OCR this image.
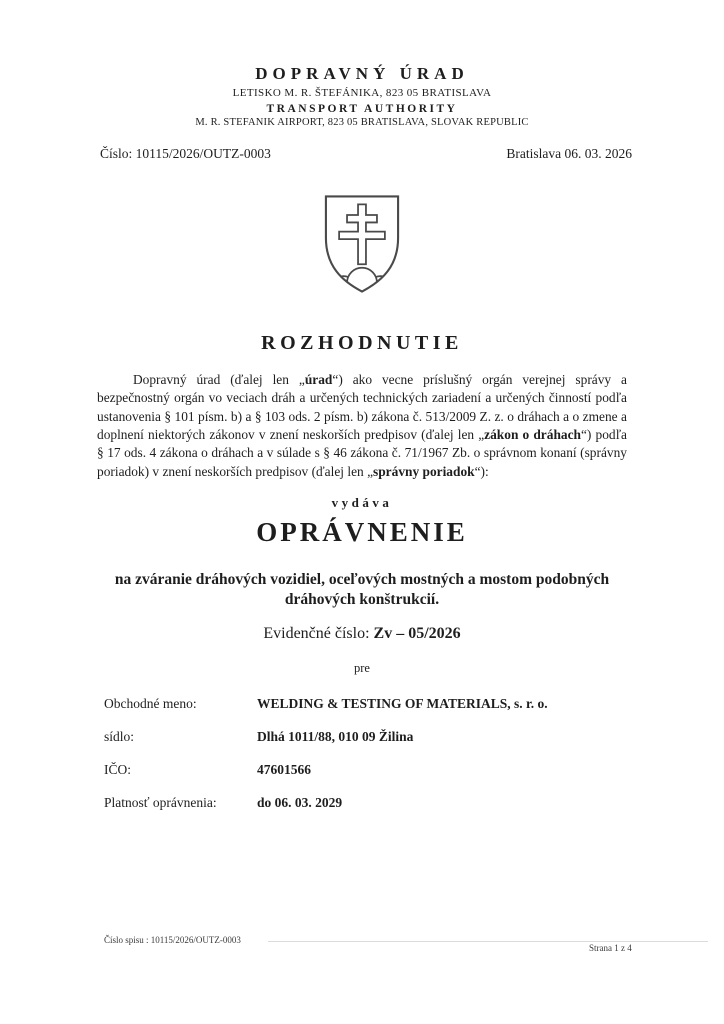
DOPRAVNÝ ÚRAD
LETISKO M. R. ŠTEFÁNIKA, 823 05 BRATISLAVA
TRANSPORT AUTHORITY
M. R. STEFANIK AIRPORT, 823 05 BRATISLAVA, SLOVAK REPUBLIC
Číslo: 10115/2026/OUTZ-0003	Bratislava 06. 03. 2026
ROZHODNUTIE

Dopravný úrad (ďalej len „úrad“) ako vecne príslušný orgán verejnej správy a bezpečnostný orgán vo veciach dráh a určených technických zariadení a určených činností podľa ustanovenia § 101 písm. b) a § 103 ods. 2 písm. b) zákona č. 513/2009 Z. z. o dráhach a o zmene a doplnení niektorých zákonov v znení neskorších predpisov (ďalej len „zákon o dráhach“) podľa § 17 ods. 4 zákona o dráhach a v súlade s § 46 zákona č. 71/1967 Zb. o správnom konaní (správny poriadok) v znení neskorších predpisov (ďalej len „správny poriadok“):

vydáva
OPRÁVNENIE
na zváranie dráhových vozidiel, oceľových mostných a mostom podobných dráhových konštrukcií.
Evidenčné číslo: Zv – 05/2026
pre
Obchodné meno:	WELDING & TESTING OF MATERIALS, s. r. o.
sídlo:	Dlhá 1011/88, 010 09 Žilina
IČO:	47601566
Platnosť oprávnenia:	do 06. 03. 2029
Číslo spisu : 10115/2026/OUTZ-0003
Strana 1 z 4
